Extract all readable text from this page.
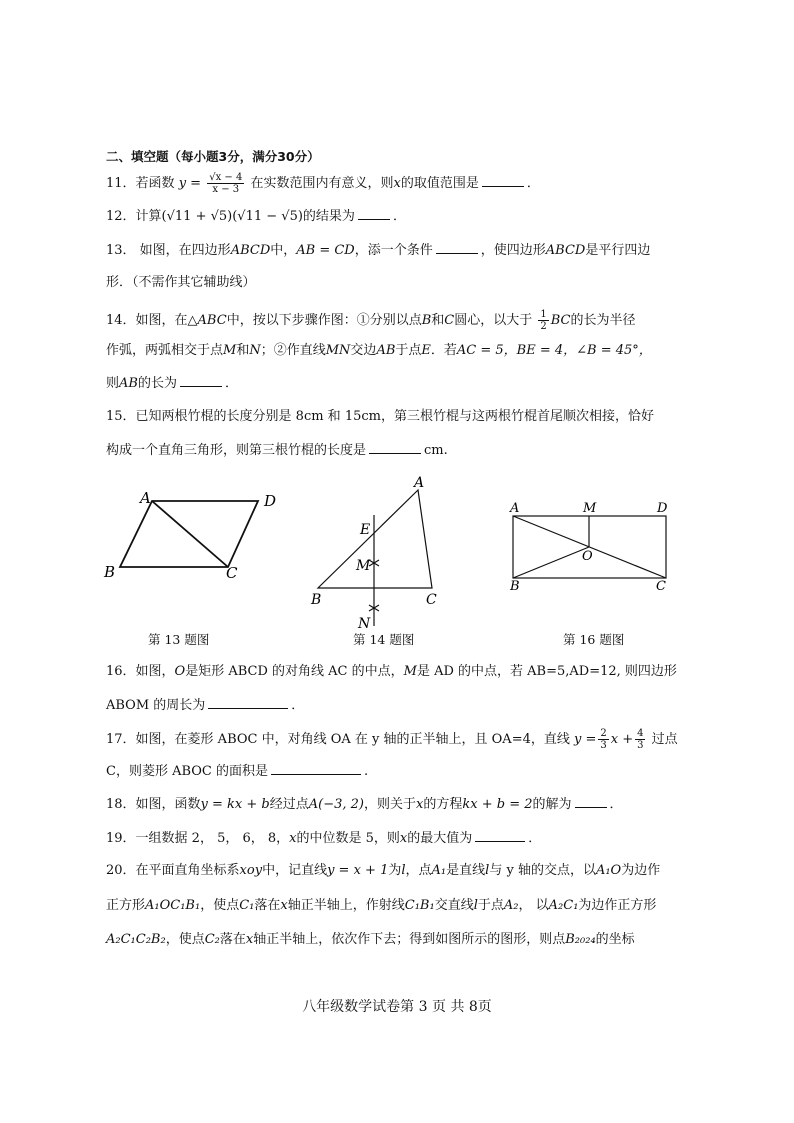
二、填空题（每小题3分，满分30分）
11．若函数 $y = \frac{√x - 4}{x - 3}$ 在实数范围内有意义，则x的取值范围是	．
12．计算(√11 + √5)(√11 − √5)的结果为	．
13． 如图，在四边形ABCD中，AB = CD，添一个条件	，使四边形ABCD是平行四边
形．（不需作其它辅助线）
14．如图，在△ABC中，按以下步骤作图：①分别以点B和C圆心，以大于 $\frac{1}{2}$ BC的长为半径
作弧，两弧相交于点M和N；②作直线MN交边AB于点E．若AC = 5，BE = 4，∠B = 45°，
则AB的长为	．
15．已知两根竹棍的长度分别是 8cm 和 15cm，第三根竹棍与这两根竹棍首尾顺次相接，恰好
构成一个直角三角形，则第三根竹棍的长度是	cm.
A	D
B	C
A
E
M
B	C
N
A	M	D
O
B	C
第 13 题图	第 14 题图	第 16 题图
16．如图，O是矩形 ABCD 的对角线 AC 的中点，M是 AD 的中点，若 AB=5,AD=12, 则四边形
ABOM 的周长为	．
17．如图，在菱形 ABOC 中，对角线 OA 在 y 轴的正半轴上，且 OA=4，直线 $y = \frac{2}{3}$ $x + \frac{4}{3}$ 过点
C，则菱形 ABOC 的面积是	.
18．如图，函数y = kx + b经过点A(−3, 2)，则关于x的方程kx + b = 2的解为	．
19．一组数据 2， 5， 6， 8，x的中位数是 5，则x的最大值为	．
20．在平面直角坐标系xoy中，记直线y = x + 1为l，点A₁是直线l与 y 轴的交点，以A₁O为边作
正方形A₁OC₁B₁，使点C₁落在x轴正半轴上，作射线C₁B₁交直线l于点A₂， 以A₂C₁为边作正方形
A₂C₁C₂B₂，使点C₂落在x轴正半轴上，依次作下去；得到如图所示的图形，则点B₂₀₂₄的坐标
八年级数学试卷第 3 页 共 8页
